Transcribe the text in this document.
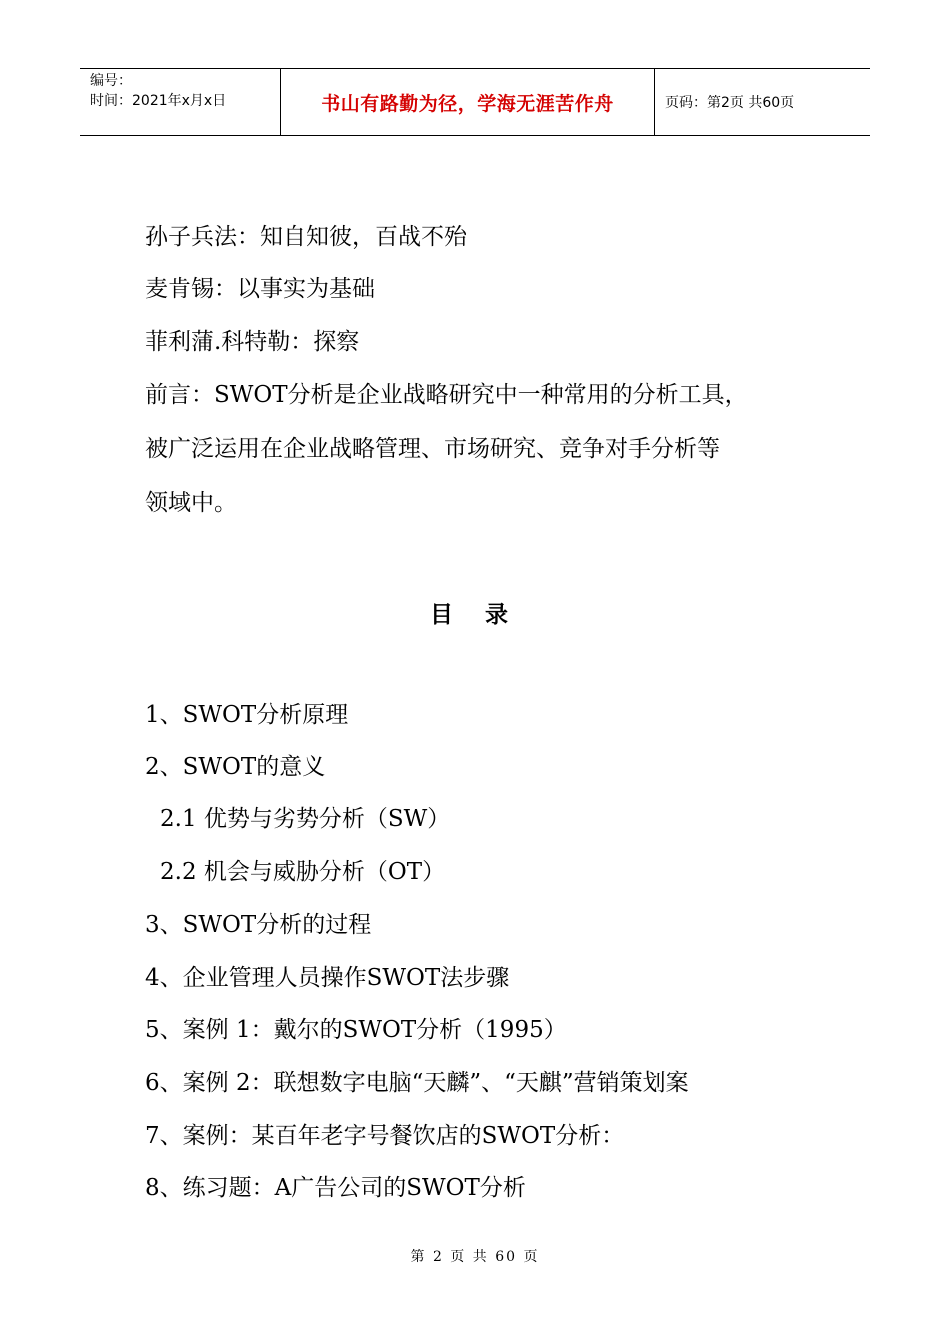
编号：
时间：2021年x月x日	书山有路勤为径，学海无涯苦作舟	页码：第2页 共60页
孙子兵法：知自知彼，百战不殆
麦肯锡：以事实为基础
菲利蒲.科特勒：探察
前言：SWOT分析是企业战略研究中一种常用的分析工具，
被广泛运用在企业战略管理、市场研究、竞争对手分析等
领域中。
目 录
1、SWOT分析原理
2、SWOT的意义
2.1 优势与劣势分析（SW）
2.2 机会与威胁分析（OT）
3、SWOT分析的过程
4、企业管理人员操作SWOT法步骤
5、案例 1：戴尔的SWOT分析（1995）
6、案例 2：联想数字电脑“天麟”、“天麒”营销策划案
7、案例：某百年老字号餐饮店的SWOT分析：
8、练习题：A广告公司的SWOT分析
第 2 页 共 60 页
